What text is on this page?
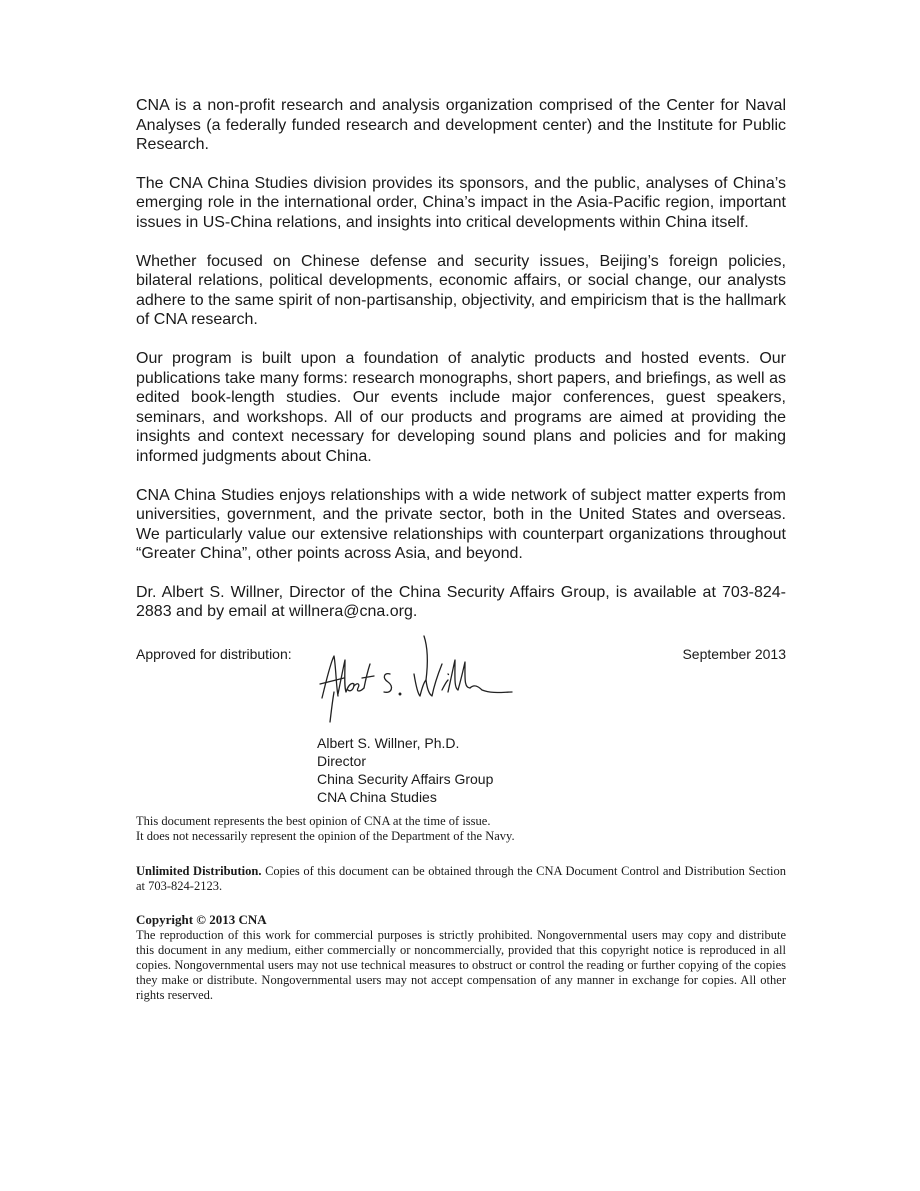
CNA is a non-profit research and analysis organization comprised of the Center for Naval Analyses (a federally funded research and development center) and the Institute for Public Research.

The CNA China Studies division provides its sponsors, and the public, analyses of China’s emerging role in the international order, China’s impact in the Asia-Pacific region, important issues in US-China relations, and insights into critical developments within China itself.

Whether focused on Chinese defense and security issues, Beijing’s foreign policies, bilateral relations, political developments, economic affairs, or social change, our analysts adhere to the same spirit of non-partisanship, objectivity, and empiricism that is the hallmark of CNA research.

Our program is built upon a foundation of analytic products and hosted events. Our publications take many forms: research monographs, short papers, and briefings, as well as edited book-length studies. Our events include major conferences, guest speakers, seminars, and workshops. All of our products and programs are aimed at providing the insights and context necessary for developing sound plans and policies and for making informed judgments about China.

CNA China Studies enjoys relationships with a wide network of subject matter experts from universities, government, and the private sector, both in the United States and overseas. We particularly value our extensive relationships with counterpart organizations throughout “Greater China”, other points across Asia, and beyond.

Dr. Albert S. Willner, Director of the China Security Affairs Group, is available at 703-824-2883 and by email at willnera@cna.org.

Approved for distribution:	September 2013
Albert S. Willner, Ph.D.
Director
China Security Affairs Group
CNA China Studies

This document represents the best opinion of CNA at the time of issue.
It does not necessarily represent the opinion of the Department of the Navy.

Unlimited Distribution. Copies of this document can be obtained through the CNA Document Control and Distribution Section at 703-824-2123.

Copyright © 2013 CNA

The reproduction of this work for commercial purposes is strictly prohibited. Nongovernmental users may copy and distribute this document in any medium, either commercially or noncommercially, provided that this copyright notice is reproduced in all copies. Nongovernmental users may not use technical measures to obstruct or control the reading or further copying of the copies they make or distribute. Nongovernmental users may not accept compensation of any manner in exchange for copies. All other rights reserved.
